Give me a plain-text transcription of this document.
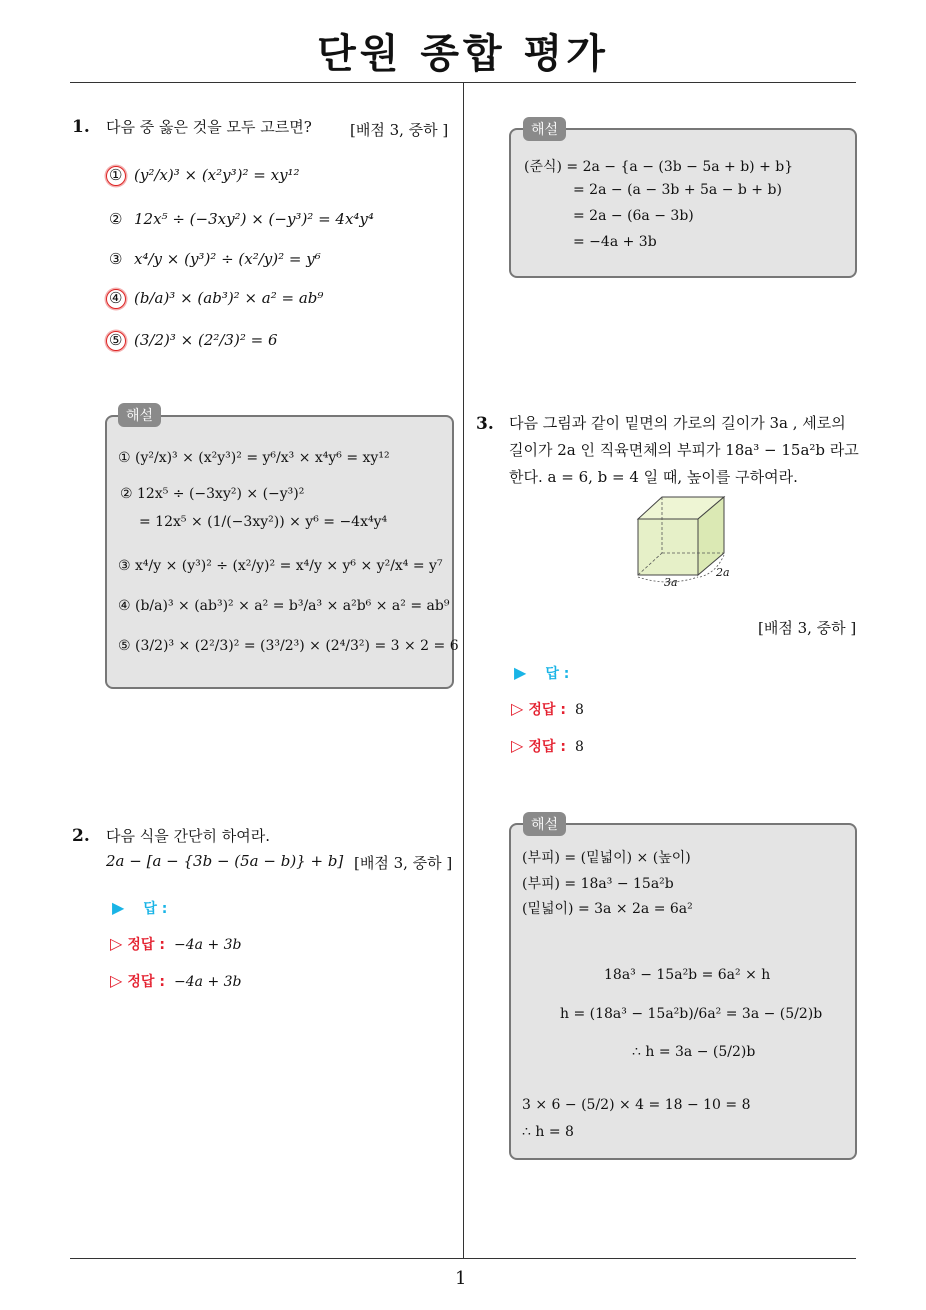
단원 종합 평가
1
1. 다음 중 옳은 것을 모두 고르면?	[배점 3, 중하 ]
① (y²/x)³ × (x²y³)² = xy¹²
② 12x⁵ ÷ (−3xy²) × (−y³)² = 4x⁴y⁴
③ x⁴/y × (y³)² ÷ (x²/y)² = y⁶
④ (b/a)³ × (ab³)² × a² = ab⁹
⑤ (3/2)³ × (2²/3)² = 6
해설
① (y²/x)³ × (x²y³)² = y⁶/x³ × x⁴y⁶ = xy¹²
② 12x⁵ ÷ (−3xy²) × (−y³)²
= 12x⁵ × (1/(−3xy²)) × y⁶ = −4x⁴y⁴
③ x⁴/y × (y³)² ÷ (x²/y)² = x⁴/y × y⁶ × y²/x⁴ = y⁷
④ (b/a)³ × (ab³)² × a² = b³/a³ × a²b⁶ × a² = ab⁹
⑤ (3/2)³ × (2²/3)² = (3³/2³) × (2⁴/3²) = 3 × 2 = 6
2. 다음 식을 간단히 하여라.
2a − [a − {3b − (5a − b)} + b] [배점 3, 중하 ]
▶ 답 :
▷ 정답 : −4a + 3b
▷ 정답 : −4a + 3b
해설
(준식) = 2a − {a − (3b − 5a + b) + b}
= 2a − (a − 3b + 5a − b + b)
= 2a − (6a − 3b)
= −4a + 3b
3. 다음 그림과 같이 밑면의 가로의 길이가 3a , 세로의
길이가 2a 인 직육면체의 부피가 18a³ − 15a²b 라고
한다. a = 6, b = 4 일 때, 높이를 구하여라.
3a
2a
[배점 3, 중하 ]
▶ 답 :
▷ 정답 : 8
▷ 정답 : 8
해설
(부피) = (밑넓이) × (높이)
(부피) = 18a³ − 15a²b
(밑넓이) = 3a × 2a = 6a²
18a³ − 15a²b = 6a² × h
h = (18a³ − 15a²b)/6a² = 3a − (5/2)b
∴ h = 3a − (5/2)b
3 × 6 − (5/2) × 4 = 18 − 10 = 8
∴ h = 8
